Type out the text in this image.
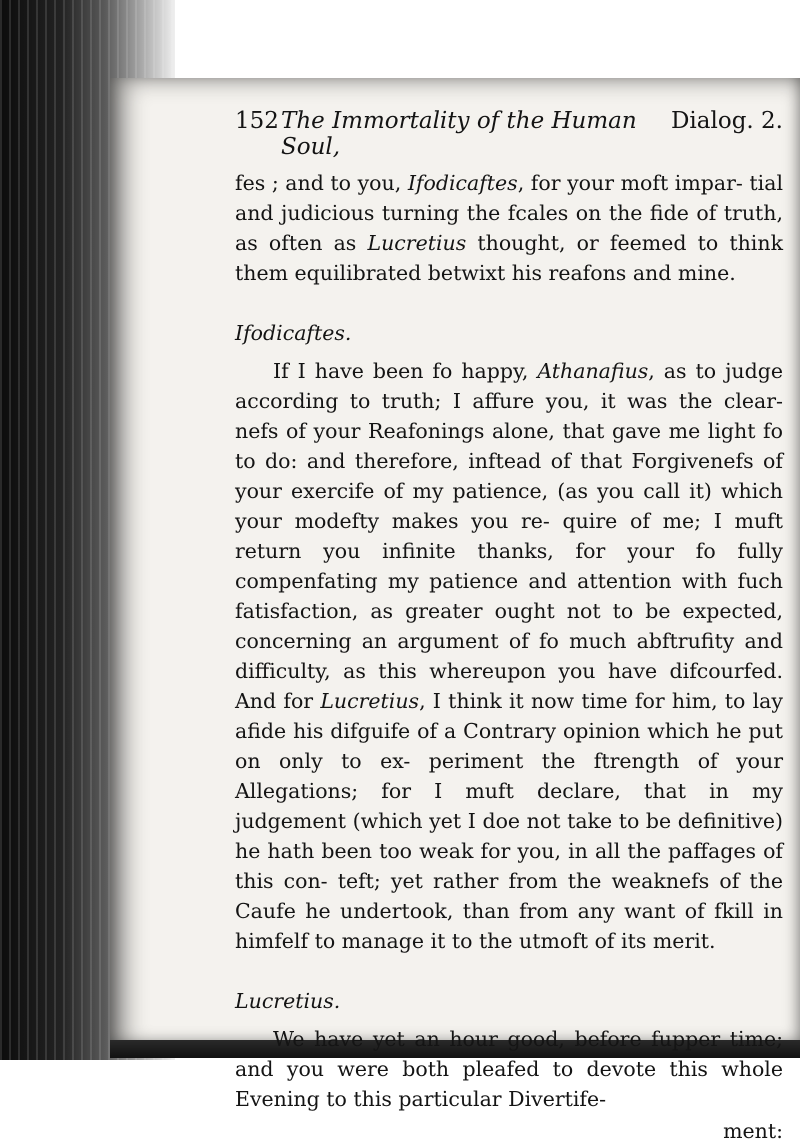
152 The Immortality of the Human Soul,
Dialog. 2.

fes ; and to you, Ifodicaftes, for your moft impar- tial and judicious turning the fcales on the fide of truth, as often as Lucretius thought, or feemed to think them equilibrated betwixt his reafons and mine.

Ifodicaftes.

If I have been fo happy, Athanafius, as to judge according to truth; I affure you, it was the clear- nefs of your Reafonings alone, that gave me light fo to do: and therefore, inftead of that Forgivenefs of your exercife of my patience, (as you call it) which your modefty makes you re- quire of me; I muft return you infinite thanks, for your fo fully compenfating my patience and attention with fuch fatisfaction, as greater ought not to be expected, concerning an argument of fo much abftrufity and difficulty, as this whereupon you have difcourfed. And for Lucretius, I think it now time for him, to lay afide his difguife of a Contrary opinion which he put on only to ex- periment the ftrength of your Allegations; for I muft declare, that in my judgement (which yet I doe not take to be definitive) he hath been too weak for you, in all the paffages of this con- teft; yet rather from the weaknefs of the Caufe he undertook, than from any want of fkill in himfelf to manage it to the utmoft of its merit.

Lucretius.

We have yet an hour good, before fupper time; and you were both pleafed to devote this whole Evening to this particular Divertife-

ment:
